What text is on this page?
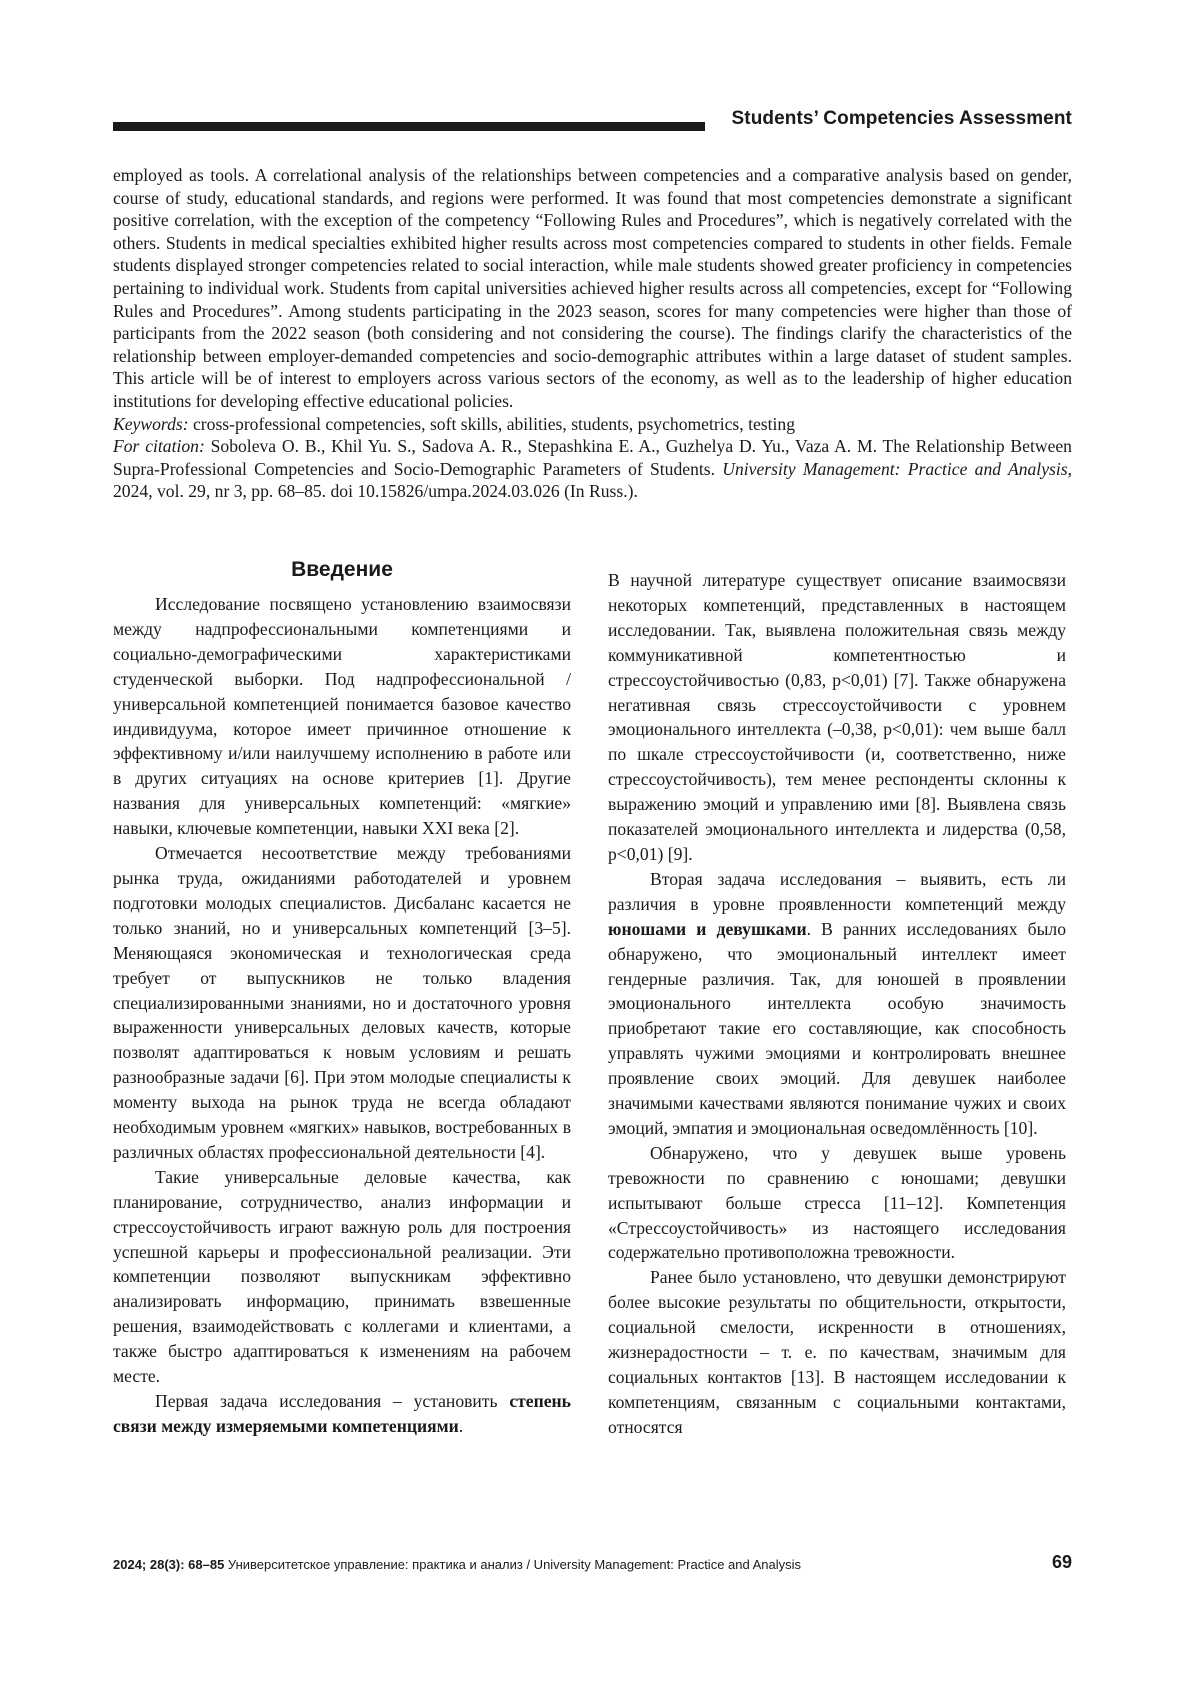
Students’ Competencies Assessment

employed as tools. A correlational analysis of the relationships between competencies and a comparative analysis based on gender, course of study, educational standards, and regions were performed. It was found that most competencies demonstrate a significant positive correlation, with the exception of the competency “Following Rules and Procedures”, which is negatively correlated with the others. Students in medical specialties exhibited higher results across most competencies compared to students in other fields. Female students displayed stronger competencies related to social interaction, while male students showed greater proficiency in competencies pertaining to individual work. Students from capital universities achieved higher results across all competencies, except for “Following Rules and Procedures”. Among students participating in the 2023 season, scores for many competencies were higher than those of participants from the 2022 season (both considering and not considering the course). The findings clarify the characteristics of the relationship between employer-demanded competencies and socio-demographic attributes within a large dataset of student samples. This article will be of interest to employers across various sectors of the economy, as well as to the leadership of higher education institutions for developing effective educational policies.

Keywords: cross-professional competencies, soft skills, abilities, students, psychometrics, testing

For citation: Soboleva O. B., Khil Yu. S., Sadova A. R., Stepashkina E. A., Guzhelya D. Yu., Vaza A. M. The Relationship Between Supra-Professional Competencies and Socio-Demographic Parameters of Students. University Management: Practice and Analysis, 2024, vol. 29, nr 3, pp. 68–85. doi 10.15826/umpa.2024.03.026 (In Russ.).

Введение

Исследование посвящено установлению взаимосвязи между надпрофессиональными компетенциями и социально-демографическими характеристиками студенческой выборки. Под надпрофессиональной / универсальной компетенцией понимается базовое качество индивидуума, которое имеет причинное отношение к эффективному и/или наилучшему исполнению в работе или в других ситуациях на основе критериев [1]. Другие названия для универсальных компетенций: «мягкие» навыки, ключевые компетенции, навыки XXI века [2].

Отмечается несоответствие между требованиями рынка труда, ожиданиями работодателей и уровнем подготовки молодых специалистов. Дисбаланс касается не только знаний, но и универсальных компетенций [3–5]. Меняющаяся экономическая и технологическая среда требует от выпускников не только владения специализированными знаниями, но и достаточного уровня выраженности универсальных деловых качеств, которые позволят адаптироваться к новым условиям и решать разнообразные задачи [6]. При этом молодые специалисты к моменту выхода на рынок труда не всегда обладают необходимым уровнем «мягких» навыков, востребованных в различных областях профессиональной деятельности [4].

Такие универсальные деловые качества, как планирование, сотрудничество, анализ информации и стрессоустойчивость играют важную роль для построения успешной карьеры и профессиональной реализации. Эти компетенции позволяют выпускникам эффективно анализировать информацию, принимать взвешенные решения, взаимодействовать с коллегами и клиентами, а также быстро адаптироваться к изменениям на рабочем месте.

Первая задача исследования – установить степень связи между измеряемыми компетенциями.

В научной литературе существует описание взаимосвязи некоторых компетенций, представленных в настоящем исследовании. Так, выявлена положительная связь между коммуникативной компетентностью и стрессоустойчивостью (0,83, p<0,01) [7]. Также обнаружена негативная связь стрессоустойчивости с уровнем эмоционального интеллекта (–0,38, p<0,01): чем выше балл по шкале стрессоустойчивости (и, соответственно, ниже стрессоустойчивость), тем менее респонденты склонны к выражению эмоций и управлению ими [8]. Выявлена связь показателей эмоционального интеллекта и лидерства (0,58, p<0,01) [9].

Вторая задача исследования – выявить, есть ли различия в уровне проявленности компетенций между юношами и девушками. В ранних исследованиях было обнаружено, что эмоциональный интеллект имеет гендерные различия. Так, для юношей в проявлении эмоционального интеллекта особую значимость приобретают такие его составляющие, как способность управлять чужими эмоциями и контролировать внешнее проявление своих эмоций. Для девушек наиболее значимыми качествами являются понимание чужих и своих эмоций, эмпатия и эмоциональная осведомлённость [10].

Обнаружено, что у девушек выше уровень тревожности по сравнению с юношами; девушки испытывают больше стресса [11–12]. Компетенция «Стрессоустойчивость» из настоящего исследования содержательно противоположна тревожности.

Ранее было установлено, что девушки демонстрируют более высокие результаты по общительности, открытости, социальной смелости, искренности в отношениях, жизнерадостности – т. е. по качествам, значимым для социальных контактов [13]. В настоящем исследовании к компетенциям, связанным с социальными контактами, относятся

2024; 28(3): 68–85 Университетское управление: практика и анализ / University Management: Practice and Analysis	69
